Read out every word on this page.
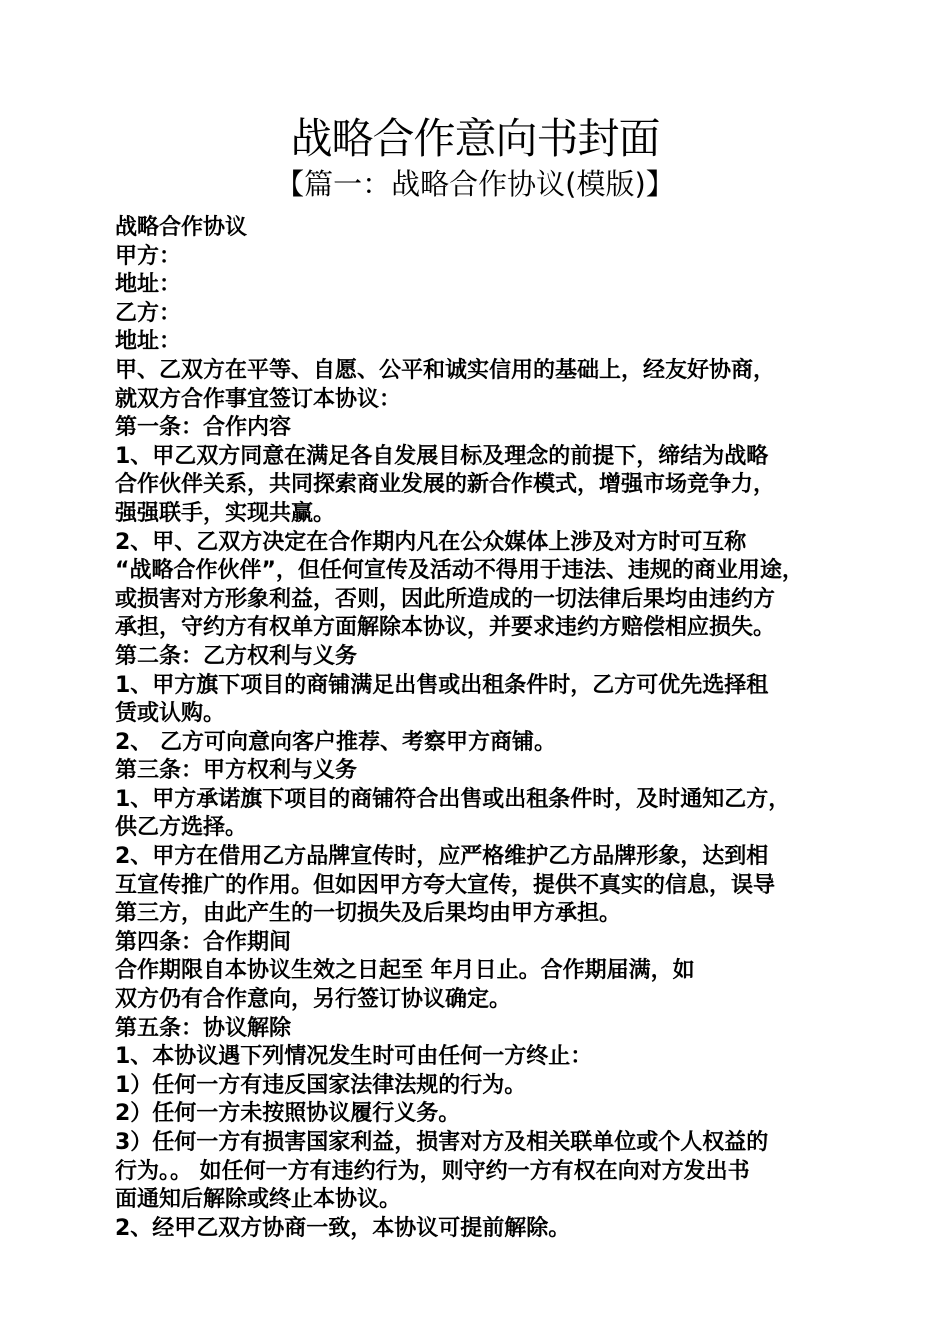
战略合作意向书封面
【篇一：战略合作协议(模版)】
战略合作协议
甲方：
地址：
乙方：
地址：
甲、乙双方在平等、自愿、公平和诚实信用的基础上，经友好协商，
就双方合作事宜签订本协议：
第一条：合作内容
1、甲乙双方同意在满足各自发展目标及理念的前提下，缔结为战略
合作伙伴关系，共同探索商业发展的新合作模式，增强市场竞争力，
强强联手，实现共赢。
2、甲、乙双方决定在合作期内凡在公众媒体上涉及对方时可互称
“战略合作伙伴”，但任何宣传及活动不得用于违法、违规的商业用途，
或损害对方形象利益，否则，因此所造成的一切法律后果均由违约方
承担，守约方有权单方面解除本协议，并要求违约方赔偿相应损失。
第二条：乙方权利与义务
1、甲方旗下项目的商铺满足出售或出租条件时，乙方可优先选择租
赁或认购。
2、 乙方可向意向客户推荐、考察甲方商铺。
第三条：甲方权利与义务
1、甲方承诺旗下项目的商铺符合出售或出租条件时，及时通知乙方，
供乙方选择。
2、甲方在借用乙方品牌宣传时，应严格维护乙方品牌形象，达到相
互宣传推广的作用。但如因甲方夸大宣传，提供不真实的信息，误导
第三方，由此产生的一切损失及后果均由甲方承担。
第四条：合作期间
合作期限自本协议生效之日起至 年月日止。合作期届满，如
双方仍有合作意向，另行签订协议确定。
第五条：协议解除
1、本协议遇下列情况发生时可由任何一方终止：
1）任何一方有违反国家法律法规的行为。
2）任何一方未按照协议履行义务。
3）任何一方有损害国家利益，损害对方及相关联单位或个人权益的
行为。。 如任何一方有违约行为，则守约一方有权在向对方发出书
面通知后解除或终止本协议。
2、经甲乙双方协商一致，本协议可提前解除。
